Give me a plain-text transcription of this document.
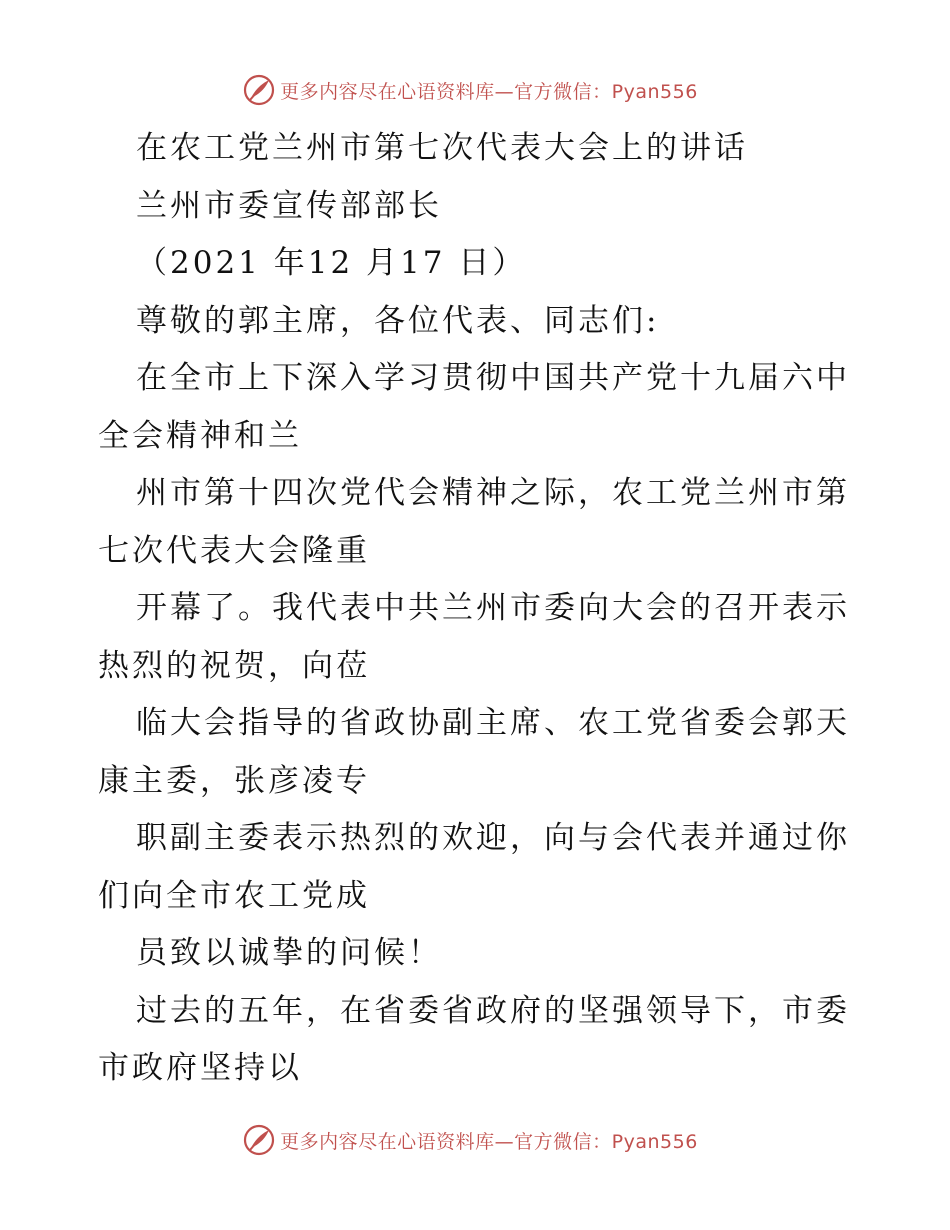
更多内容尽在心语资料库—官方微信：Pyan556
在农工党兰州市第七次代表大会上的讲话
兰州市委宣传部部长
（2021 年12 月17 日）
尊敬的郭主席，各位代表、同志们:
在全市上下深入学习贯彻中国共产党十九届六中
全会精神和兰
州市第十四次党代会精神之际，农工党兰州市第
七次代表大会隆重
开幕了。我代表中共兰州市委向大会的召开表示
热烈的祝贺，向莅
临大会指导的省政协副主席、农工党省委会郭天
康主委，张彦凌专
职副主委表示热烈的欢迎，向与会代表并通过你
们向全市农工党成
员致以诚挚的问候！
过去的五年，在省委省政府的坚强领导下，市委
市政府坚持以
更多内容尽在心语资料库—官方微信：Pyan556
